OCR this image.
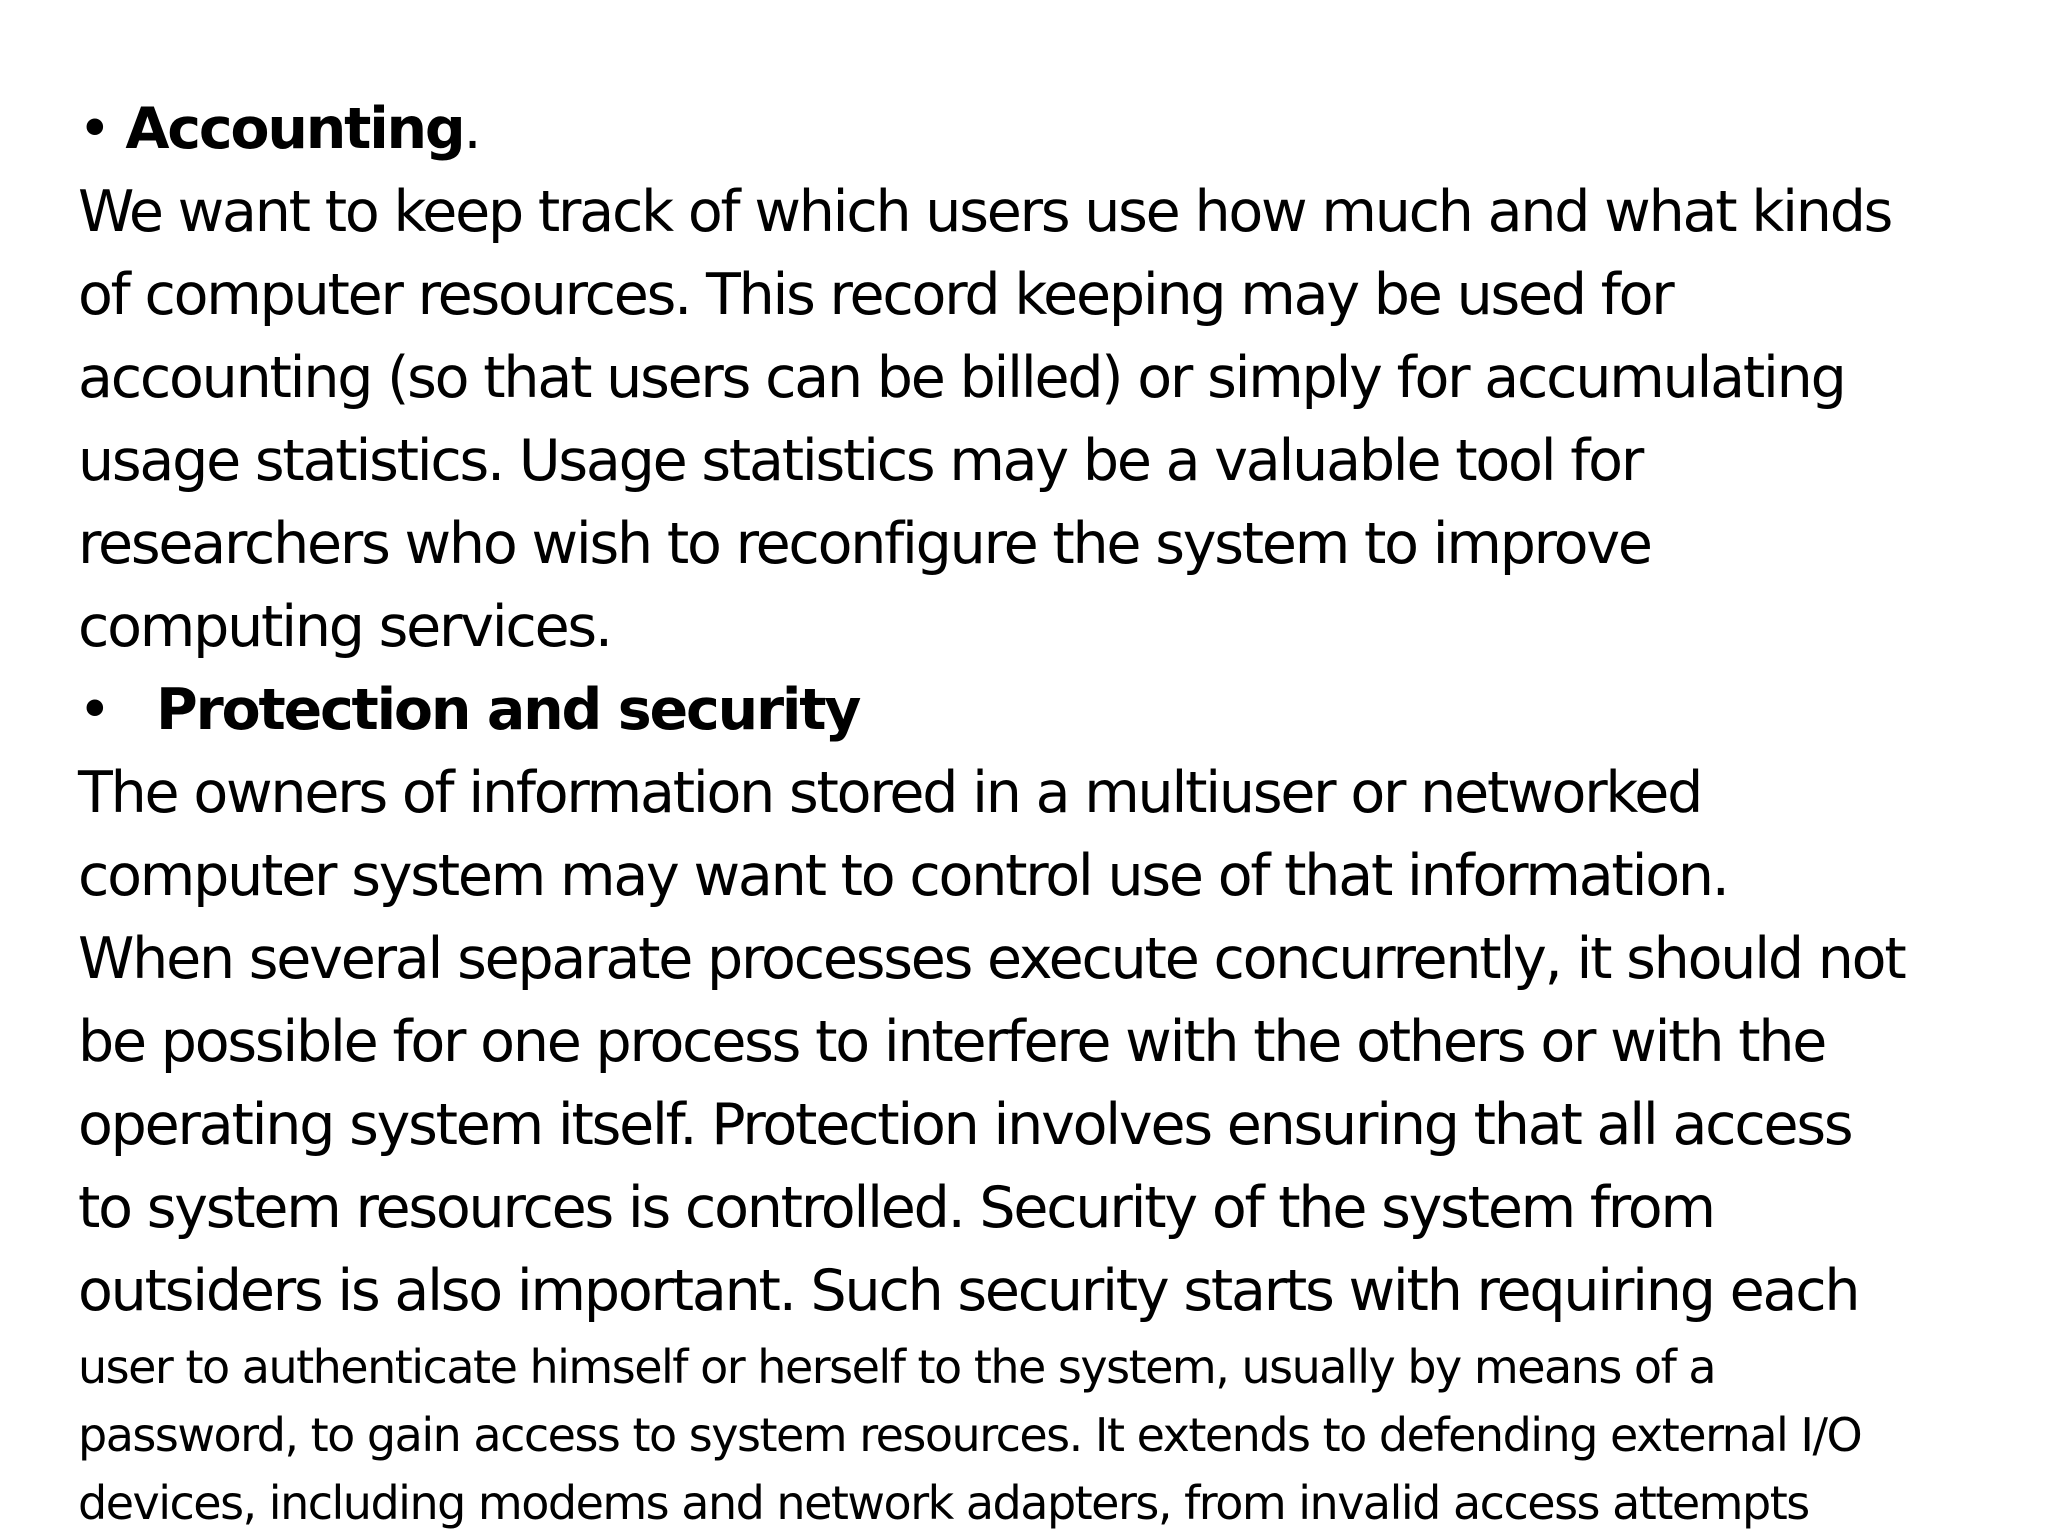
• Accounting.
We want to keep track of which users use how much and what kinds
of computer resources. This record keeping may be used for
accounting (so that users can be billed) or simply for accumulating
usage statistics. Usage statistics may be a valuable tool for
researchers who wish to reconfigure the system to improve
computing services.
• Protection and security
The owners of information stored in a multiuser or networked
computer system may want to control use of that information.
When several separate processes execute concurrently, it should not
be possible for one process to interfere with the others or with the
operating system itself. Protection involves ensuring that all access
to system resources is controlled. Security of the system from
outsiders is also important. Such security starts with requiring each
user to authenticate himself or herself to the system, usually by means of a
password, to gain access to system resources. It extends to defending external I/O
devices, including modems and network adapters, from invalid access attempts
